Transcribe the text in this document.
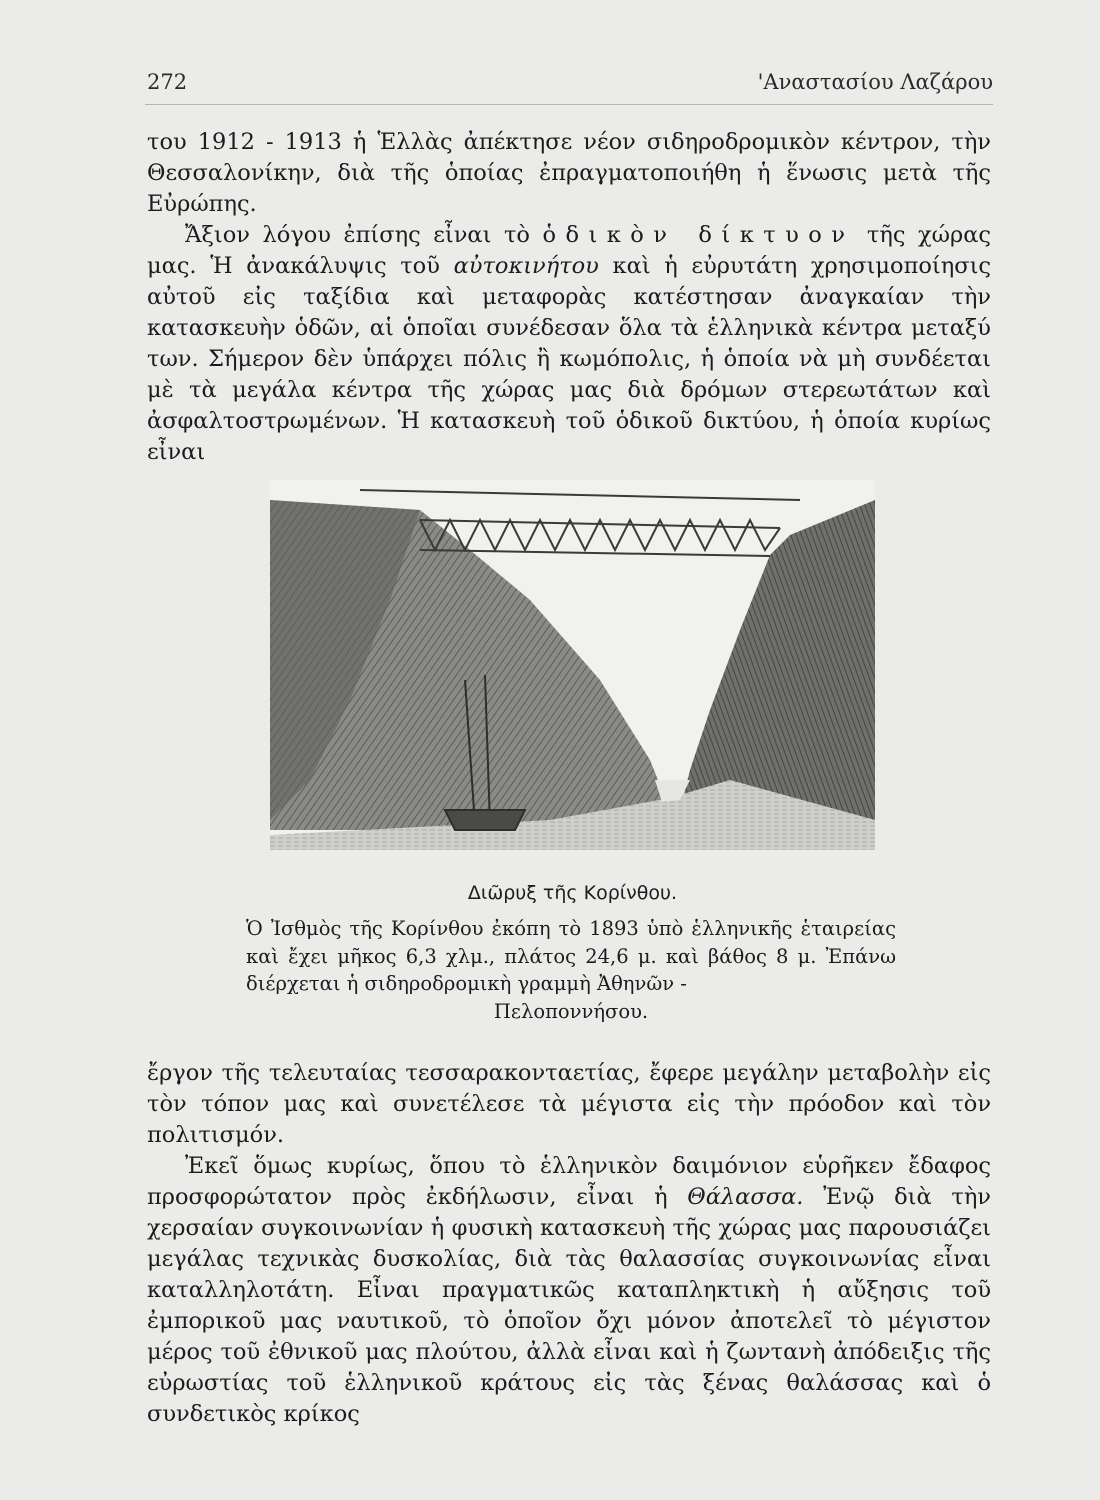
272	'Αναστασίου Λαζάρου

του 1912 - 1913 ἡ Ἑλλὰς ἀπέκτησε νέον σιδηροδρομικὸν κέντρον, τὴν Θεσσαλονίκην, διὰ τῆς ὁποίας ἐπραγματοποιήθη ἡ ἕνωσις μετὰ τῆς Εὐρώπης.

Ἄξιον λόγου ἐπίσης εἶναι τὸ ὁδικὸν δίκτυον τῆς χώρας μας. Ἡ ἀνακάλυψις τοῦ αὐτοκινήτου καὶ ἡ εὐρυτάτη χρησιμοποίησις αὐτοῦ εἰς ταξίδια καὶ μεταφορὰς κατέστησαν ἀναγκαίαν τὴν κατασκευὴν ὁδῶν, αἱ ὁποῖαι συνέδεσαν ὅλα τὰ ἑλληνικὰ κέντρα μεταξύ των. Σήμερον δὲν ὑπάρχει πόλις ἢ κωμόπολις, ἡ ὁποία νὰ μὴ συνδέεται μὲ τὰ μεγάλα κέντρα τῆς χώρας μας διὰ δρόμων στερεωτάτων καὶ ἀσφαλτοστρωμένων. Ἡ κατασκευὴ τοῦ ὁδικοῦ δικτύου, ἡ ὁποία κυρίως εἶναι

Διῶρυξ τῆς Κορίνθου.

Ὁ Ἰσθμὸς τῆς Κορίνθου ἐκόπη τὸ 1893 ὑπὸ ἑλληνικῆς ἑταιρείας καὶ ἔχει μῆκος 6,3 χλμ., πλάτος 24,6 μ. καὶ βάθος 8 μ. Ἐπάνω διέρχεται ἡ σιδηροδρομικὴ γραμμὴ Ἀθηνῶν -
Πελοποννήσου.

ἔργον τῆς τελευταίας τεσσαρακονταετίας, ἔφερε μεγάλην μεταβολὴν εἰς τὸν τόπον μας καὶ συνετέλεσε τὰ μέγιστα εἰς τὴν πρόοδον καὶ τὸν πολιτισμόν.

Ἐκεῖ ὅμως κυρίως, ὅπου τὸ ἑλληνικὸν δαιμόνιον εὑρῆκεν ἔδαφος προσφορώτατον πρὸς ἐκδήλωσιν, εἶναι ἡ Θάλασσα. Ἐνῷ διὰ τὴν χερσαίαν συγκοινωνίαν ἡ φυσικὴ κατασκευὴ τῆς χώρας μας παρουσιάζει μεγάλας τεχνικὰς δυσκολίας, διὰ τὰς θαλασσίας συγκοινωνίας εἶναι καταλληλοτάτη. Εἶναι πραγματικῶς καταπληκτικὴ ἡ αὔξησις τοῦ ἐμπορικοῦ μας ναυτικοῦ, τὸ ὁποῖον ὄχι μόνον ἀποτελεῖ τὸ μέγιστον μέρος τοῦ ἐθνικοῦ μας πλούτου, ἀλλὰ εἶναι καὶ ἡ ζωντανὴ ἀπόδειξις τῆς εὐρωστίας τοῦ ἑλληνικοῦ κράτους εἰς τὰς ξένας θαλάσσας καὶ ὁ συνδετικὸς κρίκος
